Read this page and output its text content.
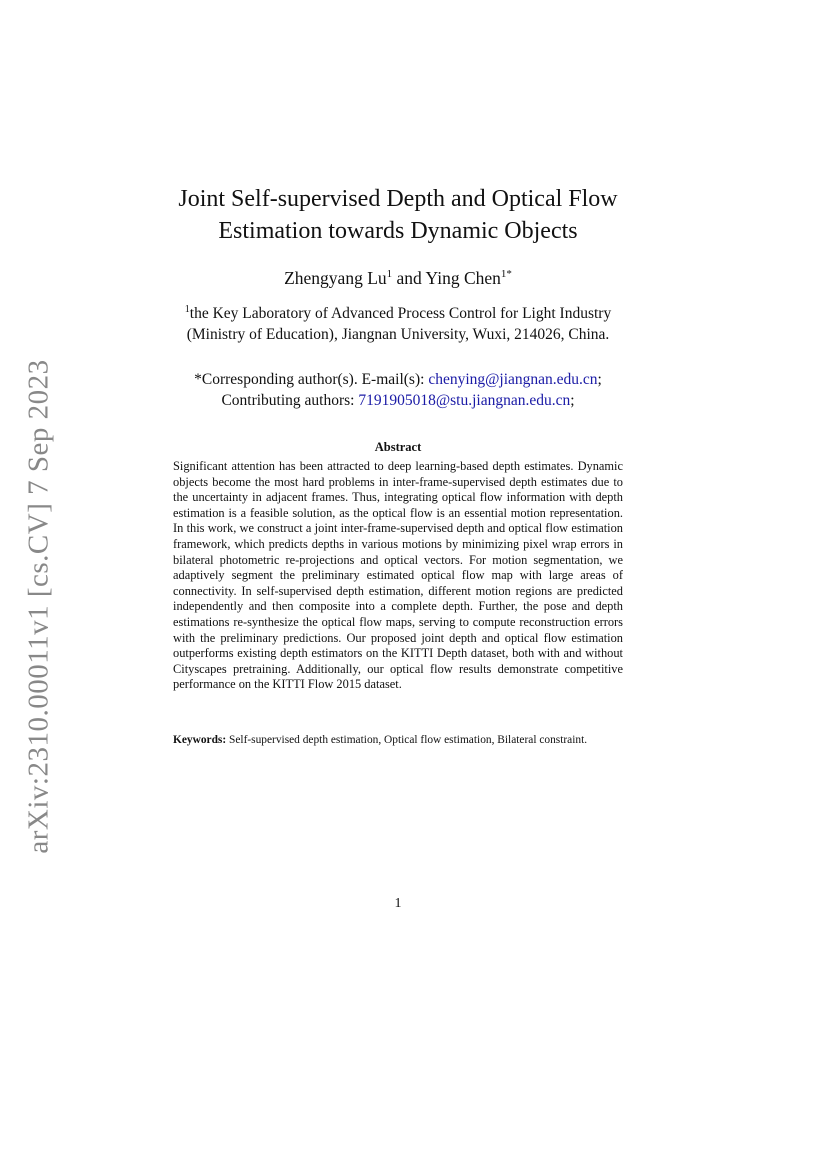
arXiv:2310.00011v1 [cs.CV] 7 Sep 2023
Joint Self-supervised Depth and Optical Flow
Estimation towards Dynamic Objects
Zhengyang Lu$^1$ and Ying Chen$^{1*}$
$^1$the Key Laboratory of Advanced Process Control for Light Industry
(Ministry of Education), Jiangnan University, Wuxi, 214026, China.
*Corresponding author(s). E-mail(s): chenying@jiangnan.edu.cn;
Contributing authors: 7191905018@stu.jiangnan.edu.cn;
Abstract

Significant attention has been attracted to deep learning-based depth estimates. Dynamic objects become the most hard problems in inter-frame-supervised depth estimates due to the uncertainty in adjacent frames. Thus, integrating optical flow information with depth estimation is a feasible solution, as the optical flow is an essential motion representation. In this work, we construct a joint inter-frame-supervised depth and optical flow estimation framework, which predicts depths in various motions by minimizing pixel wrap errors in bilateral photometric re-projections and optical vectors. For motion segmentation, we adaptively segment the preliminary estimated optical flow map with large areas of connectivity. In self-supervised depth estimation, different motion regions are predicted independently and then composite into a complete depth. Further, the pose and depth estimations re-synthesize the optical flow maps, serving to compute reconstruction errors with the preliminary predictions. Our proposed joint depth and optical flow estimation outperforms existing depth estimators on the KITTI Depth dataset, both with and without Cityscapes pretraining. Additionally, our optical flow results demonstrate competitive performance on the KITTI Flow 2015 dataset.

Keywords: Self-supervised depth estimation, Optical flow estimation, Bilateral constraint.
1
